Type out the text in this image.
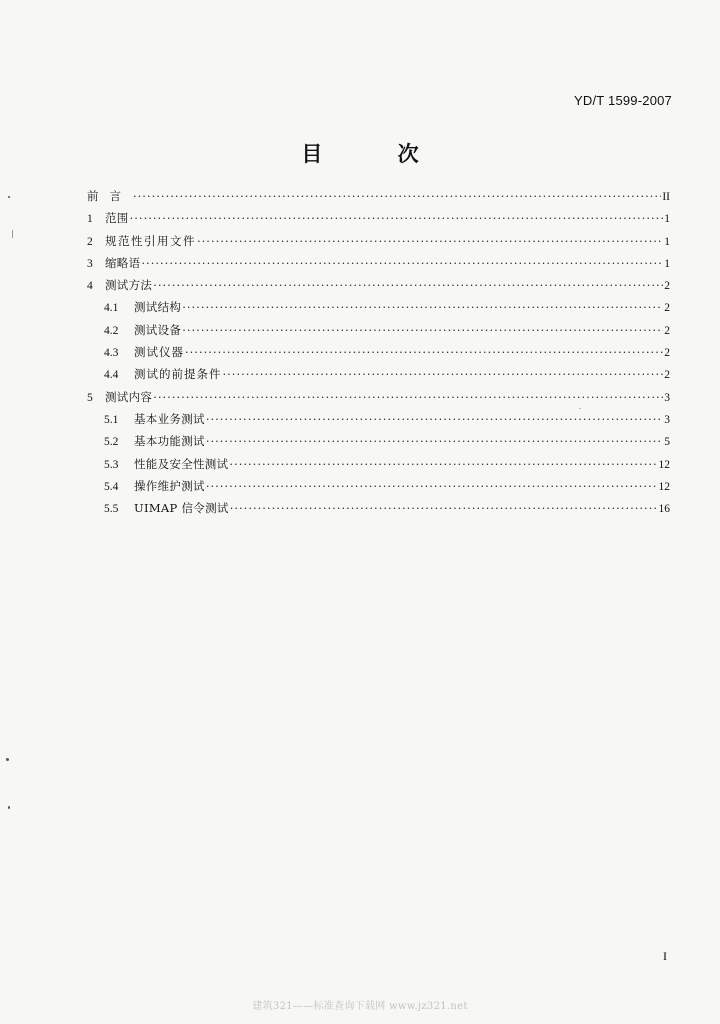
YD/T 1599-2007
目 次
前言 ·····	II
1	范围 ·····	1
2	规范性引用文件 ·····	1
3	缩略语 ·····	1
4	测试方法 ·····	2
4.1	测试结构 ·····	2
4.2	测试设备 ·····	2
4.3	测试仪器 ·····	2
4.4	测试的前提条件 ·····	2
5	测试内容 ·····	3
5.1	基本业务测试 ·····	3
5.2	基本功能测试 ·····	5
5.3	性能及安全性测试 ·····	12
5.4	操作维护测试 ·····	12
5.5	UIMAP 信令测试 ·····	16
I
建筑321——标准查询下载网 www.jz321.net
